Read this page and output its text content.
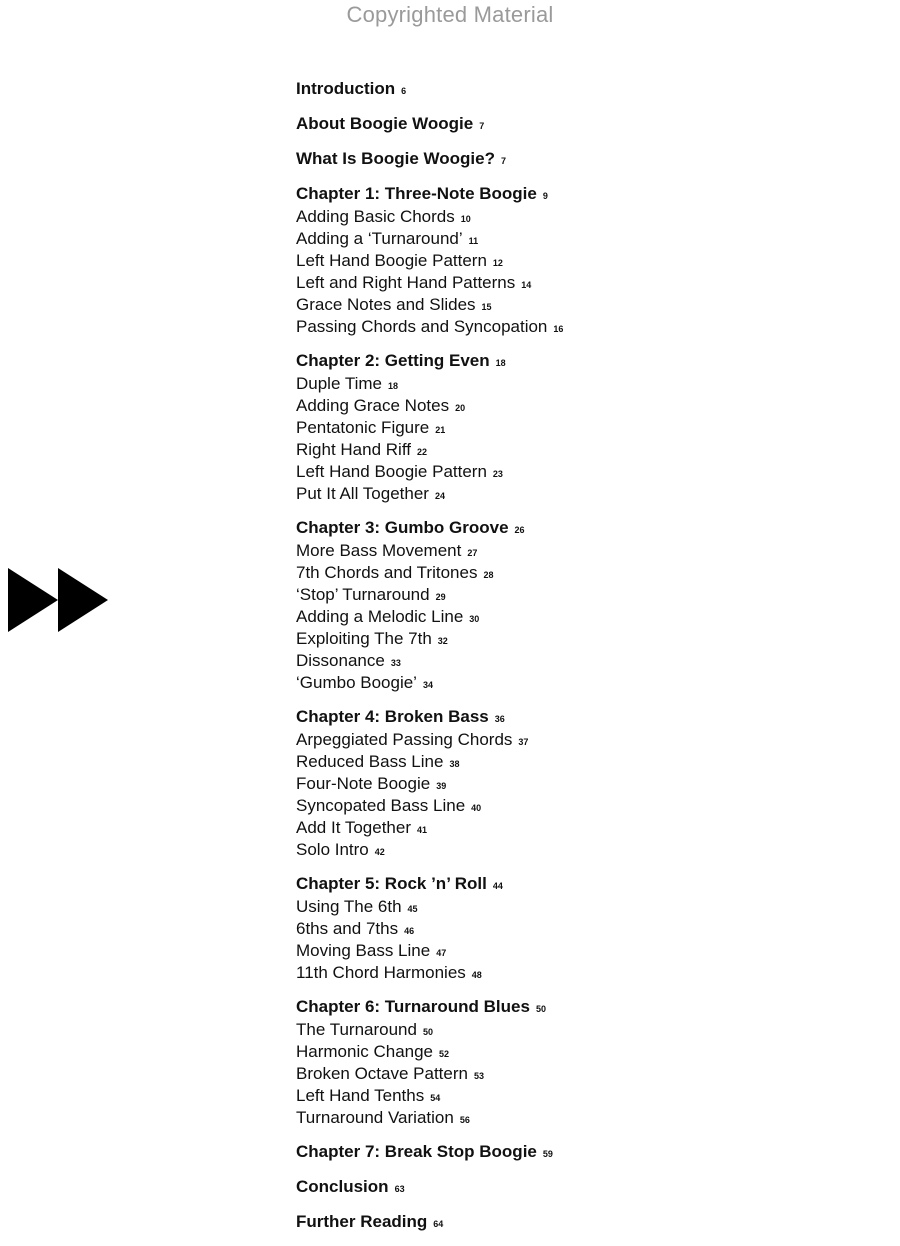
Copyrighted Material
Introduction 6
About Boogie Woogie 7
What Is Boogie Woogie? 7
Chapter 1: Three-Note Boogie 9
Adding Basic Chords 10
Adding a ‘Turnaround’ 11
Left Hand Boogie Pattern 12
Left and Right Hand Patterns 14
Grace Notes and Slides 15
Passing Chords and Syncopation 16
Chapter 2: Getting Even 18
Duple Time 18
Adding Grace Notes 20
Pentatonic Figure 21
Right Hand Riff 22
Left Hand Boogie Pattern 23
Put It All Together 24
Chapter 3: Gumbo Groove 26
More Bass Movement 27
7th Chords and Tritones 28
‘Stop’ Turnaround 29
Adding a Melodic Line 30
Exploiting The 7th 32
Dissonance 33
‘Gumbo Boogie’ 34
Chapter 4: Broken Bass 36
Arpeggiated Passing Chords 37
Reduced Bass Line 38
Four-Note Boogie 39
Syncopated Bass Line 40
Add It Together 41
Solo Intro 42
Chapter 5: Rock ’n’ Roll 44
Using The 6th 45
6ths and 7ths 46
Moving Bass Line 47
11th Chord Harmonies 48
Chapter 6: Turnaround Blues 50
The Turnaround 50
Harmonic Change 52
Broken Octave Pattern 53
Left Hand Tenths 54
Turnaround Variation 56
Chapter 7: Break Stop Boogie 59
Conclusion 63
Further Reading 64
